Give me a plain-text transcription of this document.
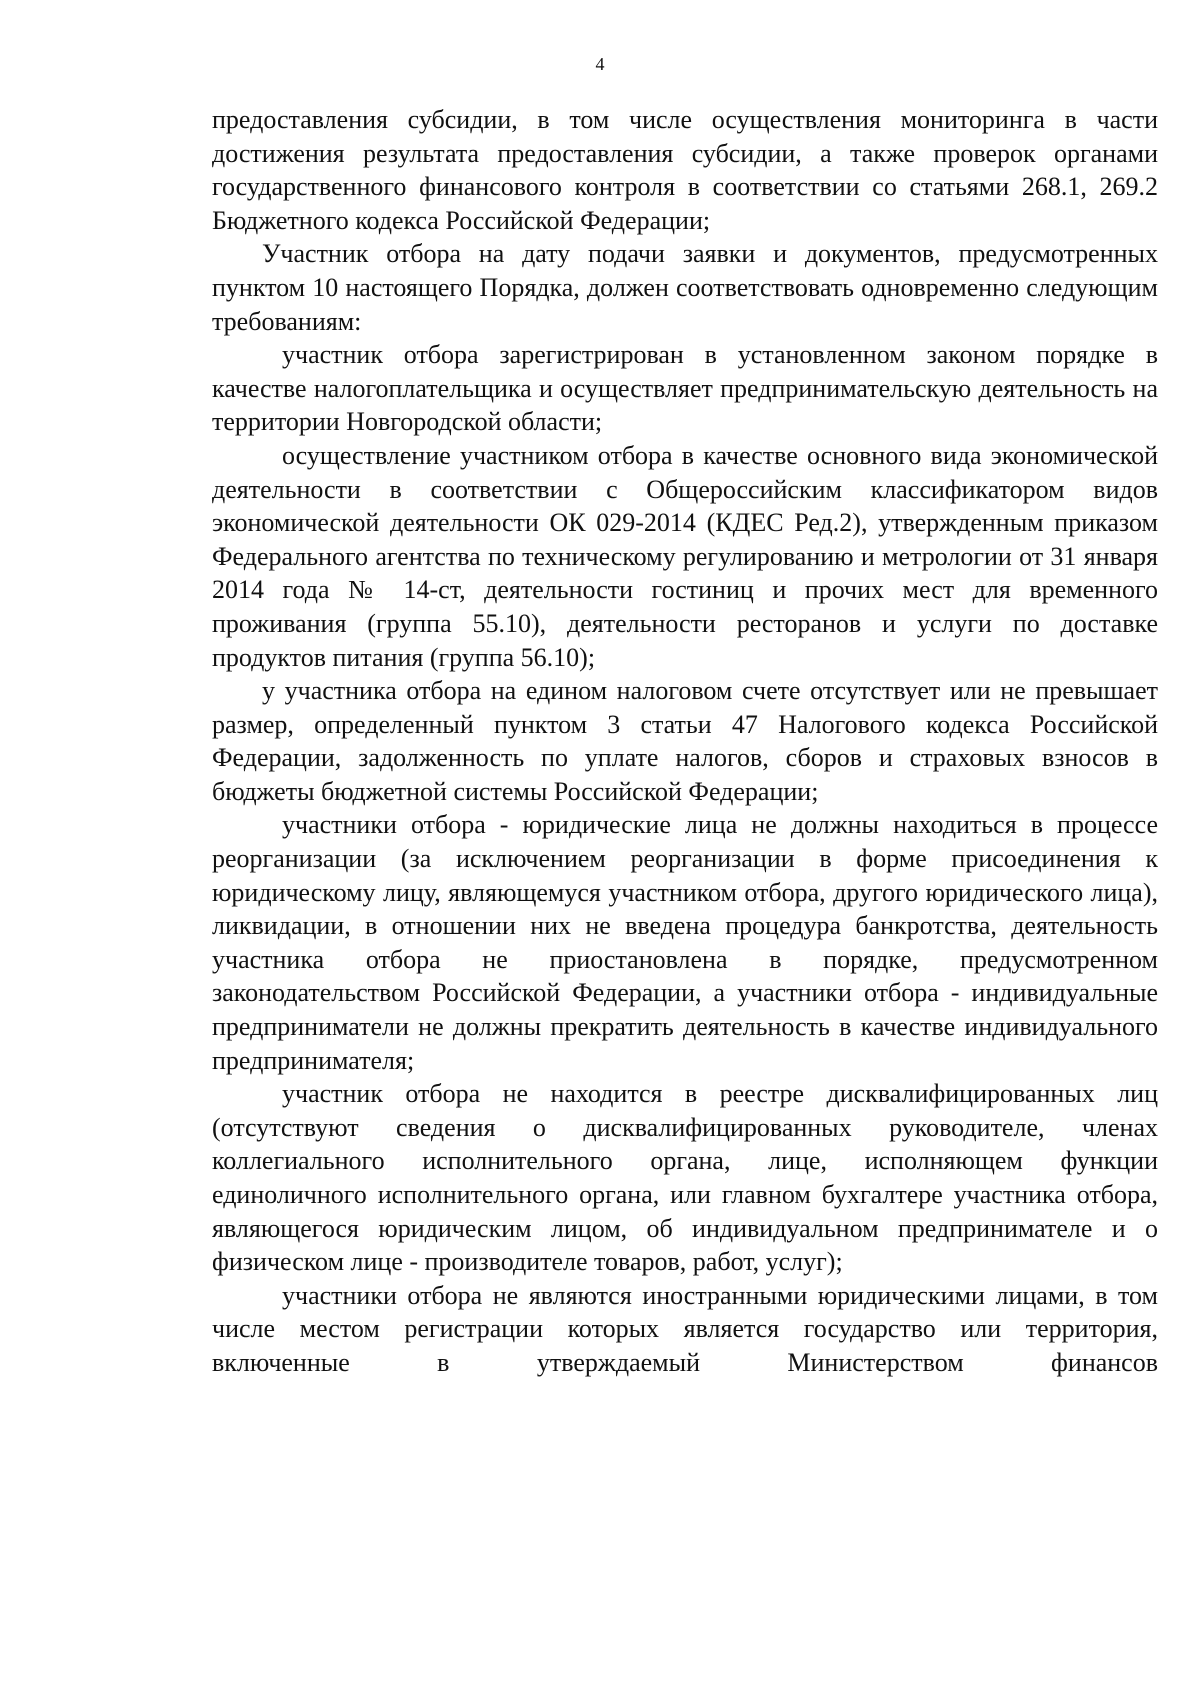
4

предоставления субсидии, в том числе осуществления мониторинга в части достижения результата предоставления субсидии, а также проверок органами государственного финансового контроля в соответствии со статьями 268.1, 269.2 Бюджетного кодекса Российской Федерации;

Участник отбора на дату подачи заявки и документов, предусмотренных пунктом 10 настоящего Порядка, должен соответствовать одновременно следующим требованиям:

участник отбора зарегистрирован в установленном законом порядке в качестве налогоплательщика и осуществляет предпринимательскую деятельность на территории Новгородской области;

осуществление участником отбора в качестве основного вида экономической деятельности в соответствии с Общероссийским классификатором видов экономической деятельности ОК 029-2014 (КДЕС Ред.2), утвержденным приказом Федерального агентства по техническому регулированию и метрологии от 31 января 2014 года № 14-ст, деятельности гостиниц и прочих мест для временного проживания (группа 55.10), деятельности ресторанов и услуги по доставке продуктов питания (группа 56.10);

у участника отбора на едином налоговом счете отсутствует или не превышает размер, определенный пунктом 3 статьи 47 Налогового кодекса Российской Федерации, задолженность по уплате налогов, сборов и страховых взносов в бюджеты бюджетной системы Российской Федерации;

участники отбора - юридические лица не должны находиться в процессе реорганизации (за исключением реорганизации в форме присоединения к юридическому лицу, являющемуся участником отбора, другого юридического лица), ликвидации, в отношении них не введена процедура банкротства, деятельность участника отбора не приостановлена в порядке, предусмотренном законодательством Российской Федерации, а участники отбора - индивидуальные предприниматели не должны прекратить деятельность в качестве индивидуального предпринимателя;

участник отбора не находится в реестре дисквалифицированных лиц (отсутствуют сведения о дисквалифицированных руководителе, членах коллегиального исполнительного органа, лице, исполняющем функции единоличного исполнительного органа, или главном бухгалтере участника отбора, являющегося юридическим лицом, об индивидуальном предпринимателе и о физическом лице - производителе товаров, работ, услуг);

участники отбора не являются иностранными юридическими лицами, в том числе местом регистрации которых является государство или территория, включенные в утверждаемый Министерством финансов
